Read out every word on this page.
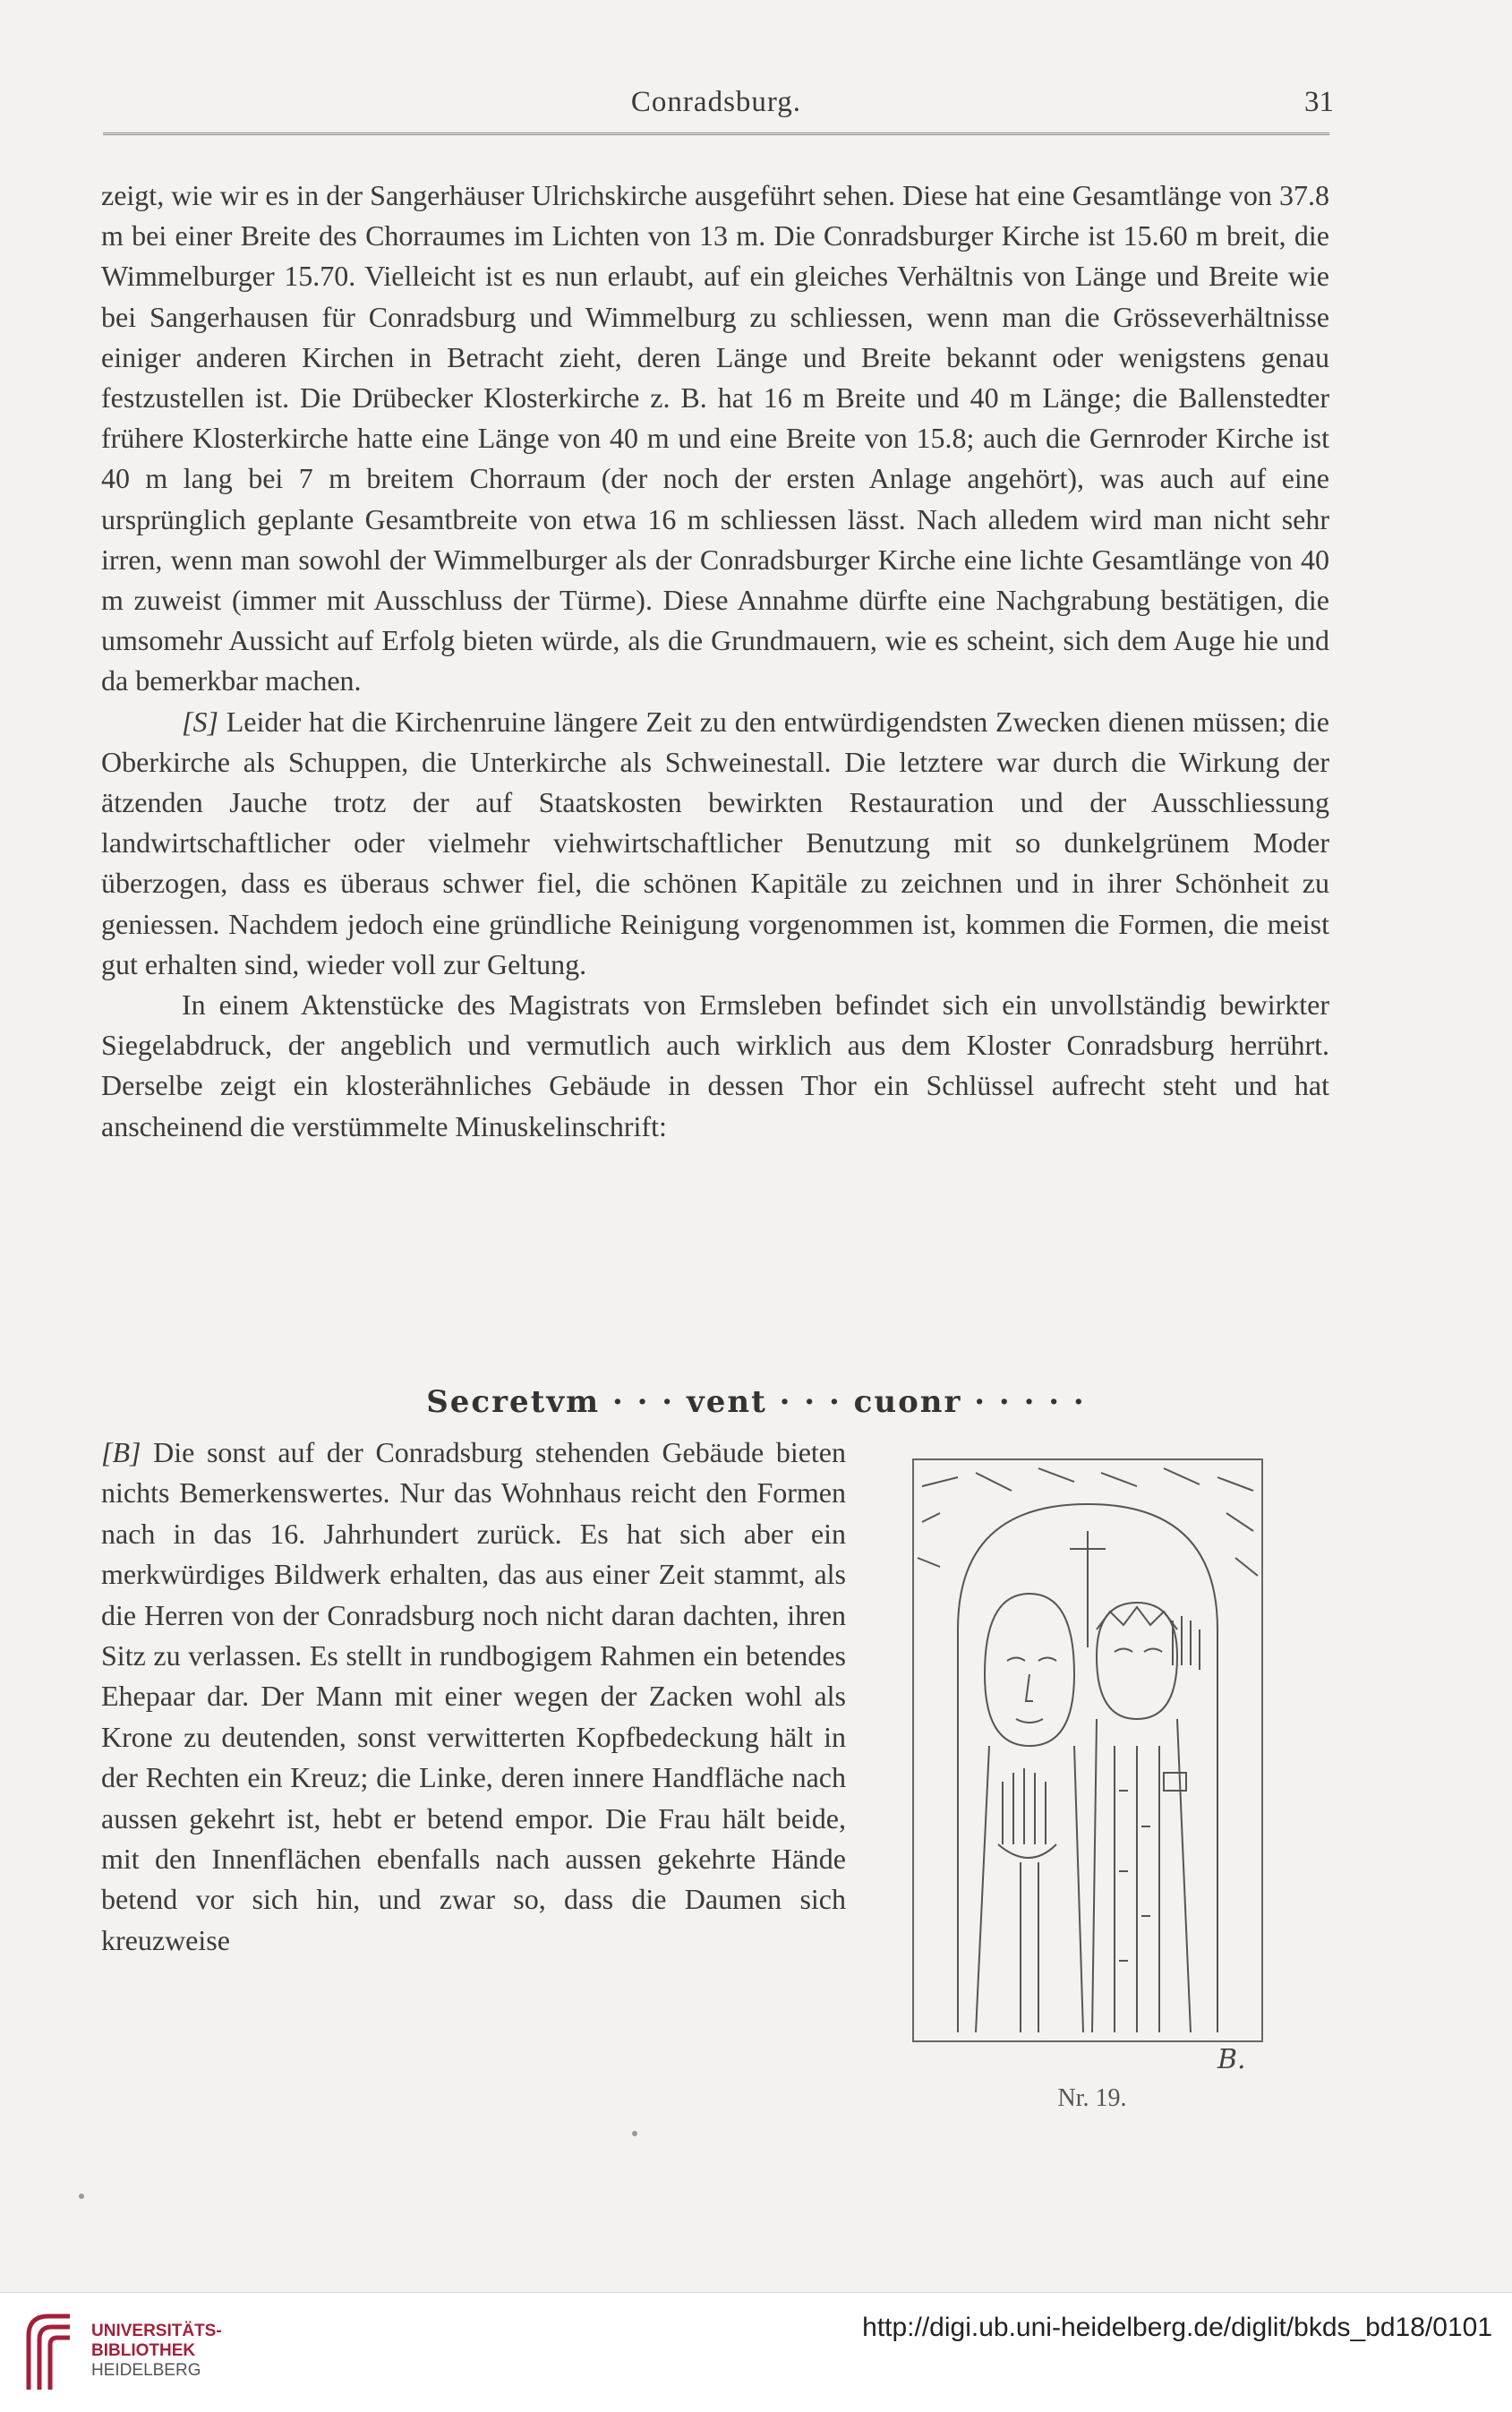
Conradsburg.	31

zeigt, wie wir es in der Sangerhäuser Ulrichskirche ausgeführt sehen. Diese hat eine Gesamtlänge von 37.8 m bei einer Breite des Chorraumes im Lichten von 13 m. Die Conradsburger Kirche ist 15.60 m breit, die Wimmelburger 15.70. Vielleicht ist es nun erlaubt, auf ein gleiches Verhältnis von Länge und Breite wie bei Sangerhausen für Conradsburg und Wimmelburg zu schliessen, wenn man die Grösseverhältnisse einiger anderen Kirchen in Betracht zieht, deren Länge und Breite bekannt oder wenigstens genau festzustellen ist. Die Drübecker Klosterkirche z. B. hat 16 m Breite und 40 m Länge; die Ballenstedter frühere Klosterkirche hatte eine Länge von 40 m und eine Breite von 15.8; auch die Gernroder Kirche ist 40 m lang bei 7 m breitem Chorraum (der noch der ersten Anlage angehört), was auch auf eine ursprünglich geplante Gesamtbreite von etwa 16 m schliessen lässt. Nach alledem wird man nicht sehr irren, wenn man sowohl der Wimmelburger als der Conradsburger Kirche eine lichte Gesamtlänge von 40 m zuweist (immer mit Ausschluss der Türme). Diese Annahme dürfte eine Nachgrabung bestätigen, die umsomehr Aussicht auf Erfolg bieten würde, als die Grundmauern, wie es scheint, sich dem Auge hie und da bemerkbar machen.

[S] Leider hat die Kirchenruine längere Zeit zu den entwürdigendsten Zwecken dienen müssen; die Oberkirche als Schuppen, die Unterkirche als Schweinestall. Die letztere war durch die Wirkung der ätzenden Jauche trotz der auf Staatskosten bewirkten Restauration und der Ausschliessung landwirtschaftlicher oder vielmehr viehwirtschaftlicher Benutzung mit so dunkelgrünem Moder überzogen, dass es überaus schwer fiel, die schönen Kapitäle zu zeichnen und in ihrer Schönheit zu geniessen. Nachdem jedoch eine gründliche Reinigung vorgenommen ist, kommen die Formen, die meist gut erhalten sind, wieder voll zur Geltung.

In einem Aktenstücke des Magistrats von Ermsleben befindet sich ein unvollständig bewirkter Siegelabdruck, der angeblich und vermutlich auch wirklich aus dem Kloster Conradsburg herrührt. Derselbe zeigt ein klosterähnliches Gebäude in dessen Thor ein Schlüssel aufrecht steht und hat anscheinend die verstümmelte Minuskelinschrift:

Secretvm · · · vent · · · cuonr · · · · ·

[B] Die sonst auf der Conradsburg stehenden Gebäude bieten nichts Bemerkenswertes. Nur das Wohnhaus reicht den Formen nach in das 16. Jahrhundert zurück. Es hat sich aber ein merkwürdiges Bildwerk erhalten, das aus einer Zeit stammt, als die Herren von der Conradsburg noch nicht daran dachten, ihren Sitz zu verlassen. Es stellt in rundbogigem Rahmen ein betendes Ehepaar dar. Der Mann mit einer wegen der Zacken wohl als Krone zu deutenden, sonst verwitterten Kopfbedeckung hält in der Rechten ein Kreuz; die Linke, deren innere Handfläche nach aussen gekehrt ist, hebt er betend empor. Die Frau hält beide, mit den Innenflächen ebenfalls nach aussen gekehrte Hände betend vor sich hin, und zwar so, dass die Daumen sich kreuzweise

B.
Nr. 19.
UNIVERSITÄTS-
BIBLIOTHEK
HEIDELBERG
http://digi.ub.uni-heidelberg.de/diglit/bkds_bd18/0101
